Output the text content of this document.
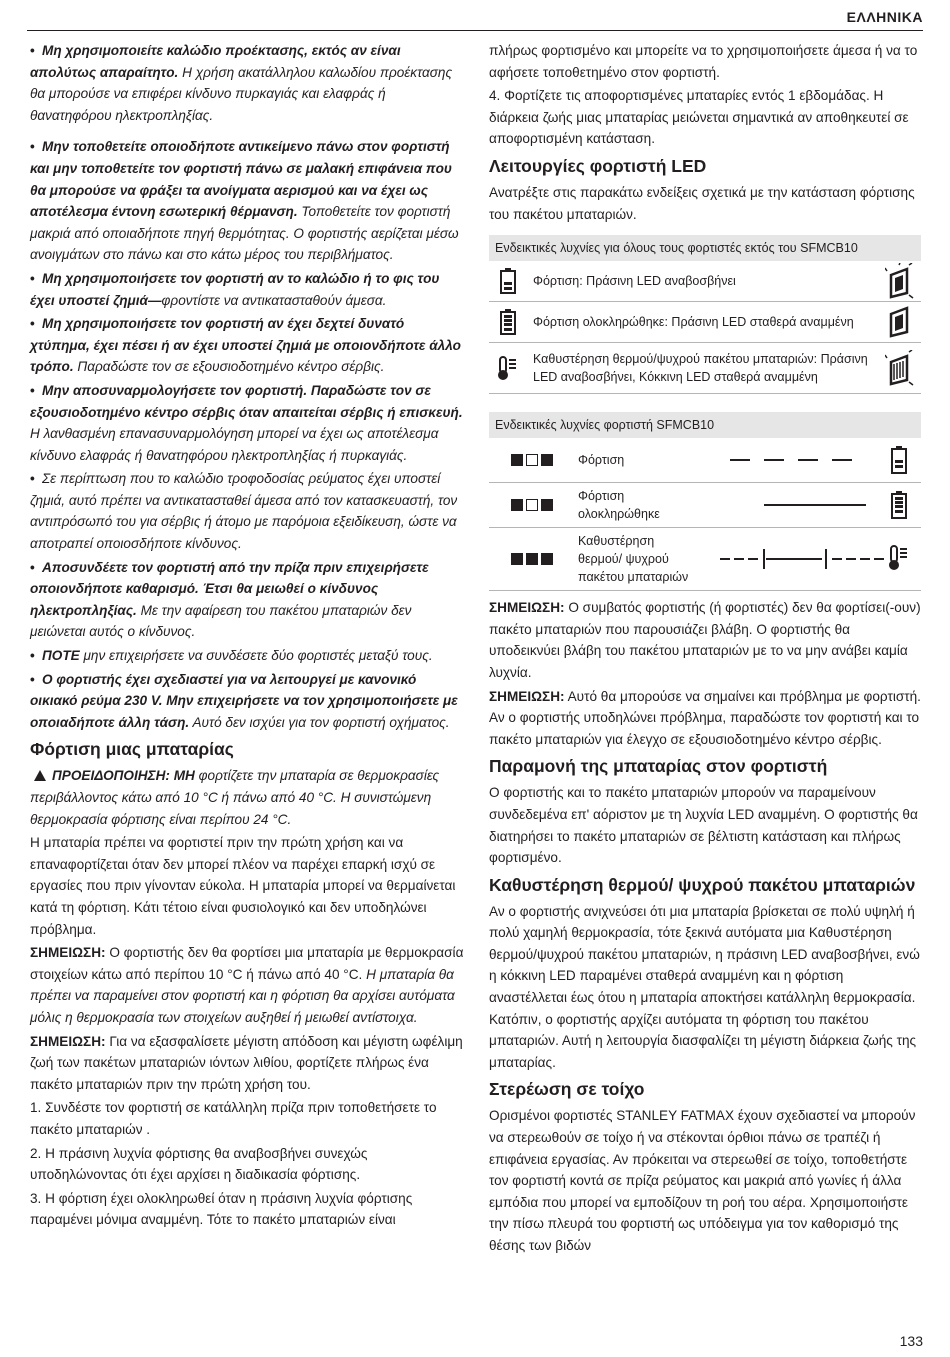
ΕΛΛΗΝΙΚΑ

• Μη χρησιμοποιείτε καλώδιο προέκτασης, εκτός αν είναι απολύτως απαραίτητο. Η χρήση ακατάλληλου καλωδίου προέκτασης θα μπορούσε να επιφέρει κίνδυνο πυρκαγιάς και ελαφράς ή θανατηφόρου ηλεκτροπληξίας.

• Μην τοποθετείτε οποιοδήποτε αντικείμενο πάνω στον φορτιστή και μην τοποθετείτε τον φορτιστή πάνω σε μαλακή επιφάνεια που θα μπορούσε να φράξει τα ανοίγματα αερισμού και να έχει ως αποτέλεσμα έντονη εσωτερική θέρμανση. Τοποθετείτε τον φορτιστή μακριά από οποιαδήποτε πηγή θερμότητας. Ο φορτιστής αερίζεται μέσω ανοιγμάτων στο πάνω και στο κάτω μέρος του περιβλήματος.

• Μη χρησιμοποιήσετε τον φορτιστή αν το καλώδιο ή το φις του έχει υποστεί ζημιά—φροντίστε να αντικατασταθούν άμεσα.

• Μη χρησιμοποιήσετε τον φορτιστή αν έχει δεχτεί δυνατό χτύπημα, έχει πέσει ή αν έχει υποστεί ζημιά με οποιονδήποτε άλλο τρόπο. Παραδώστε τον σε εξουσιοδοτημένο κέντρο σέρβις.

• Μην αποσυναρμολογήσετε τον φορτιστή. Παραδώστε τον σε εξουσιοδοτημένο κέντρο σέρβις όταν απαιτείται σέρβις ή επισκευή. Η λανθασμένη επανασυναρμολόγηση μπορεί να έχει ως αποτέλεσμα κίνδυνο ελαφράς ή θανατηφόρου ηλεκτροπληξίας ή πυρκαγιάς.

• Σε περίπτωση που το καλώδιο τροφοδοσίας ρεύματος έχει υποστεί ζημιά, αυτό πρέπει να αντικατασταθεί άμεσα από τον κατασκευαστή, τον αντιπρόσωπό του για σέρβις ή άτομο με παρόμοια εξειδίκευση, ώστε να αποτραπεί οποιοσδήποτε κίνδυνος.

• Αποσυνδέετε τον φορτιστή από την πρίζα πριν επιχειρήσετε οποιονδήποτε καθαρισμό. Έτσι θα μειωθεί ο κίνδυνος ηλεκτροπληξίας. Με την αφαίρεση του πακέτου μπαταριών δεν μειώνεται αυτός ο κίνδυνος.

• ΠΟΤΕ μην επιχειρήσετε να συνδέσετε δύο φορτιστές μεταξύ τους.

• Ο φορτιστής έχει σχεδιαστεί για να λειτουργεί με κανονικό οικιακό ρεύμα 230 V. Μην επιχειρήσετε να τον χρησιμοποιήσετε με οποιαδήποτε άλλη τάση. Αυτό δεν ισχύει για τον φορτιστή οχήματος.

Φόρτιση μιας μπαταρίας

ΠΡΟΕΙΔΟΠΟΙΗΣΗ: ΜΗ φορτίζετε την μπαταρία σε θερμοκρασίες περιβάλλοντος κάτω από 10 °C ή πάνω από 40 °C. Η συνιστώμενη θερμοκρασία φόρτισης είναι περίπου 24 °C.

Η μπαταρία πρέπει να φορτιστεί πριν την πρώτη χρήση και να επαναφορτίζεται όταν δεν μπορεί πλέον να παρέχει επαρκή ισχύ σε εργασίες που πριν γίνονταν εύκολα. Η μπαταρία μπορεί να θερμαίνεται κατά τη φόρτιση. Κάτι τέτοιο είναι φυσιολογικό και δεν υποδηλώνει πρόβλημα.

ΣΗΜΕΙΩΣΗ: Ο φορτιστής δεν θα φορτίσει μια μπαταρία με θερμοκρασία στοιχείων κάτω από περίπου 10 °C ή πάνω από 40 °C. Η μπαταρία θα πρέπει να παραμείνει στον φορτιστή και η φόρτιση θα αρχίσει αυτόματα μόλις η θερμοκρασία των στοιχείων αυξηθεί ή μειωθεί αντίστοιχα.

ΣΗΜΕΙΩΣΗ: Για να εξασφαλίσετε μέγιστη απόδοση και μέγιστη ωφέλιμη ζωή των πακέτων μπαταριών ιόντων λιθίου, φορτίζετε πλήρως ένα πακέτο μπαταριών πριν την πρώτη χρήση του.

1. Συνδέστε τον φορτιστή σε κατάλληλη πρίζα πριν τοποθετήσετε το πακέτο μπαταριών .

2. Η πράσινη λυχνία φόρτισης θα αναβοσβήνει συνεχώς υποδηλώνοντας ότι έχει αρχίσει η διαδικασία φόρτισης.

3. Η φόρτιση έχει ολοκληρωθεί όταν η πράσινη λυχνία φόρτισης παραμένει μόνιμα αναμμένη. Τότε το πακέτο μπαταριών είναι

πλήρως φορτισμένο και μπορείτε να το χρησιμοποιήσετε άμεσα ή να το αφήσετε τοποθετημένο στον φορτιστή.

4. Φορτίζετε τις αποφορτισμένες μπαταρίες εντός 1 εβδομάδας. Η διάρκεια ζωής μιας μπαταρίας μειώνεται σημαντικά αν αποθηκευτεί σε αποφορτισμένη κατάσταση.

Λειτουργίες φορτιστή LED

Ανατρέξτε στις παρακάτω ενδείξεις σχετικά με την κατάσταση φόρτισης του πακέτου μπαταριών.

Ενδεικτικές λυχνίες για όλους τους φορτιστές εκτός του SFMCB10
Φόρτιση: Πράσινη LED αναβοσβήνει
Φόρτιση ολοκληρώθηκε: Πράσινη LED σταθερά αναμμένη
Καθυστέρηση θερμού/ψυχρού πακέτου μπαταριών: Πράσινη LED αναβοσβήνει, Κόκκινη LED σταθερά αναμμένη
Ενδεικτικές λυχνίες φορτιστή SFMCB10
Φόρτιση
Φόρτιση ολοκληρώθηκε
Καθυστέρηση θερμού/ ψυχρού πακέτου μπαταριών

ΣΗΜΕΙΩΣΗ: Ο συμβατός φορτιστής (ή φορτιστές) δεν θα φορτίσει(-ουν) πακέτο μπαταριών που παρουσιάζει βλάβη. Ο φορτιστής θα υποδεικνύει βλάβη του πακέτου μπαταριών με το να μην ανάβει καμία λυχνία.

ΣΗΜΕΙΩΣΗ: Αυτό θα μπορούσε να σημαίνει και πρόβλημα με φορτιστή. Αν ο φορτιστής υποδηλώνει πρόβλημα, παραδώστε τον φορτιστή και το πακέτο μπαταριών για έλεγχο σε εξουσιοδοτημένο κέντρο σέρβις.

Παραμονή της μπαταρίας στον φορτιστή

Ο φορτιστής και το πακέτο μπαταριών μπορούν να παραμείνουν συνδεδεμένα επ' αόριστον με τη λυχνία LED αναμμένη. Ο φορτιστής θα διατηρήσει το πακέτο μπαταριών σε βέλτιστη κατάσταση και πλήρως φορτισμένο.

Καθυστέρηση θερμού/ ψυχρού πακέτου μπαταριών

Αν ο φορτιστής ανιχνεύσει ότι μια μπαταρία βρίσκεται σε πολύ υψηλή ή πολύ χαμηλή θερμοκρασία, τότε ξεκινά αυτόματα μια Καθυστέρηση θερμού/ψυχρού πακέτου μπαταριών, η πράσινη LED αναβοσβήνει, ενώ η κόκκινη LED παραμένει σταθερά αναμμένη και η φόρτιση αναστέλλεται έως ότου η μπαταρία αποκτήσει κατάλληλη θερμοκρασία. Κατόπιν, ο φορτιστής αρχίζει αυτόματα τη φόρτιση του πακέτου μπαταριών. Αυτή η λειτουργία διασφαλίζει τη μέγιστη διάρκεια ζωής της μπαταρίας.

Στερέωση σε τοίχο

Ορισμένοι φορτιστές STANLEY FATMAX έχουν σχεδιαστεί να μπορούν να στερεωθούν σε τοίχο ή να στέκονται όρθιοι πάνω σε τραπέζι ή επιφάνεια εργασίας. Αν πρόκειται να στερεωθεί σε τοίχο, τοποθετήστε τον φορτιστή κοντά σε πρίζα ρεύματος και μακριά από γωνίες ή άλλα εμπόδια που μπορεί να εμποδίζουν τη ροή του αέρα. Χρησιμοποιήστε την πίσω πλευρά του φορτιστή ως υπόδειγμα για τον καθορισμό της θέσης των βιδών

133
